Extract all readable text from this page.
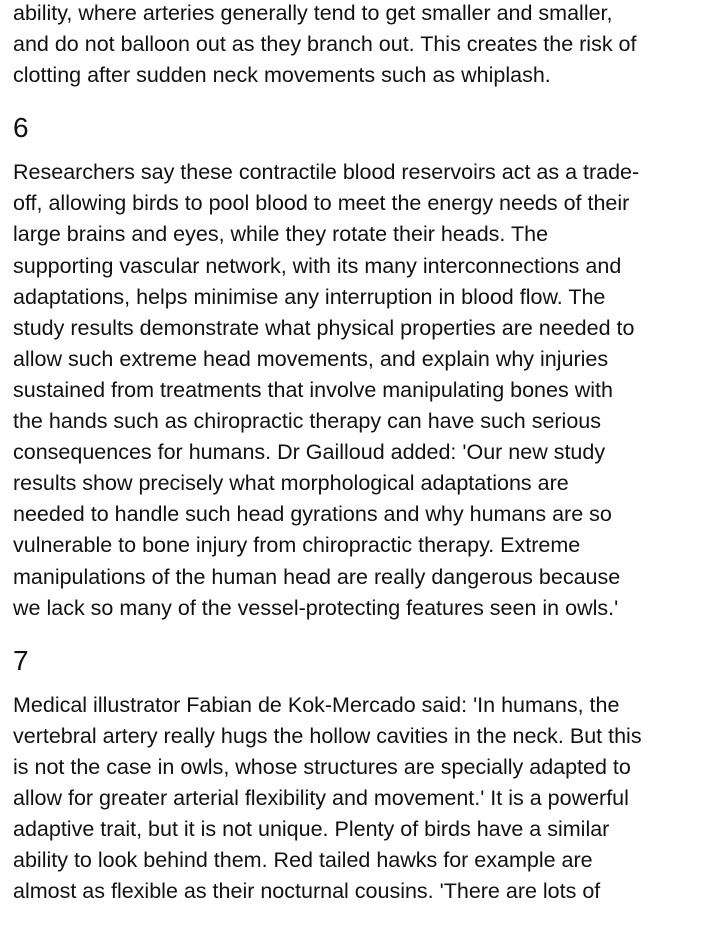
ability, where arteries generally tend to get smaller and smaller,
and do not balloon out as they branch out. This creates the risk of
clotting after sudden neck movements such as whiplash.
6
Researchers say these contractile blood reservoirs act as a trade-
off, allowing birds to pool blood to meet the energy needs of their
large brains and eyes, while they rotate their heads. The
supporting vascular network, with its many interconnections and
adaptations, helps minimise any interruption in blood flow. The
study results demonstrate what physical properties are needed to
allow such extreme head movements, and explain why injuries
sustained from treatments that involve manipulating bones with
the hands such as chiropractic therapy can have such serious
consequences for humans. Dr Gailloud added: 'Our new study
results show precisely what morphological adaptations are
needed to handle such head gyrations and why humans are so
vulnerable to bone injury from chiropractic therapy. Extreme
manipulations of the human head are really dangerous because
we lack so many of the vessel-protecting features seen in owls.'
7
Medical illustrator Fabian de Kok-Mercado said: 'In humans, the
vertebral artery really hugs the hollow cavities in the neck. But this
is not the case in owls, whose structures are specially adapted to
allow for greater arterial flexibility and movement.' It is a powerful
adaptive trait, but it is not unique. Plenty of birds have a similar
ability to look behind them. Red tailed hawks for example are
almost as flexible as their nocturnal cousins. 'There are lots of
